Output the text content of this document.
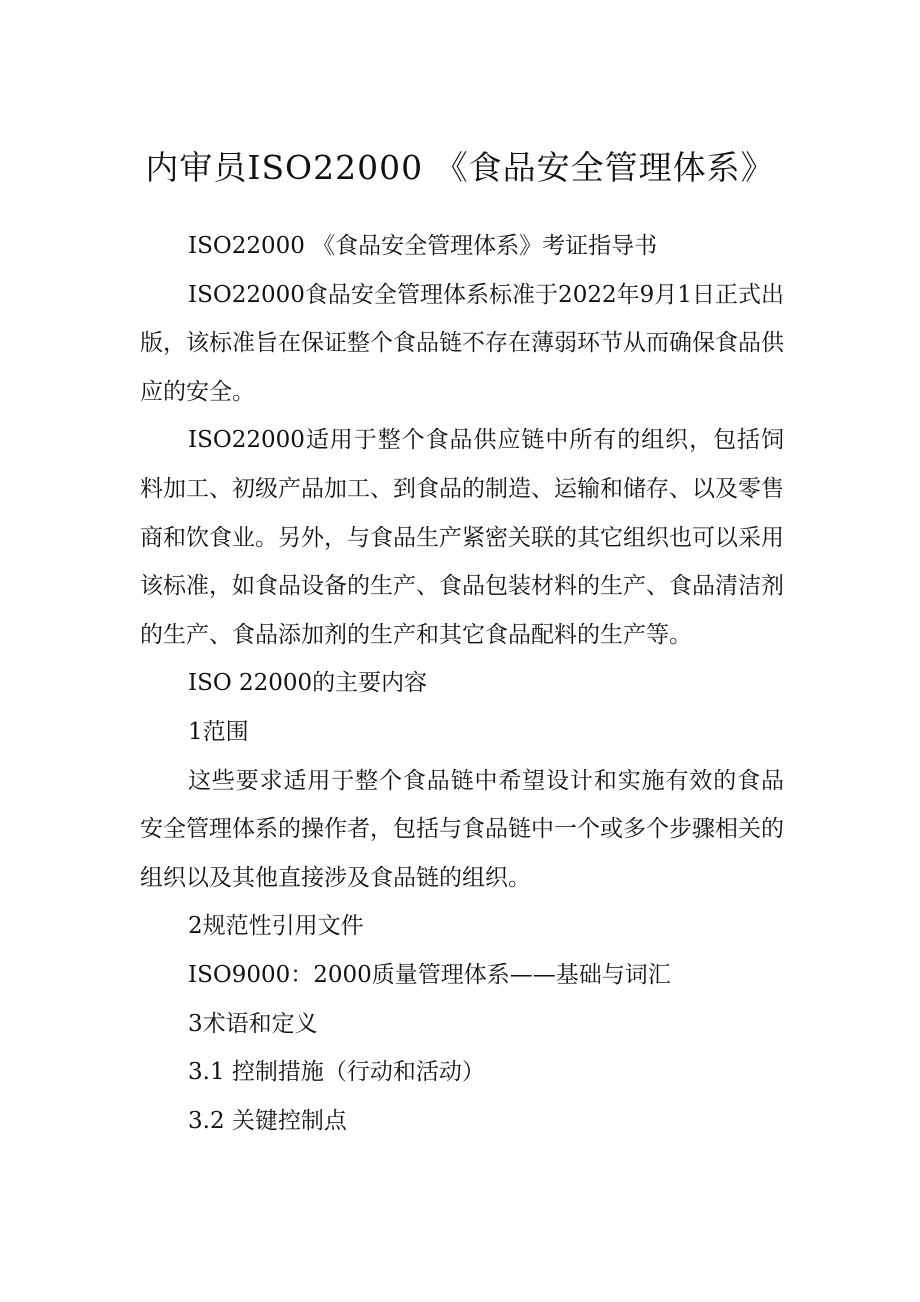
内审员ISO22000 《食品安全管理体系》

ISO22000 《食品安全管理体系》考证指导书

ISO22000食品安全管理体系标准于2022年9月1日正式出版，该标准旨在保证整个食品链不存在薄弱环节从而确保食品供应的安全。

ISO22000适用于整个食品供应链中所有的组织，包括饲料加工、初级产品加工、到食品的制造、运输和储存、以及零售商和饮食业。另外，与食品生产紧密关联的其它组织也可以采用该标准，如食品设备的生产、食品包装材料的生产、食品清洁剂的生产、食品添加剂的生产和其它食品配料的生产等。

ISO 22000的主要内容

1范围

这些要求适用于整个食品链中希望设计和实施有效的食品安全管理体系的操作者，包括与食品链中一个或多个步骤相关的组织以及其他直接涉及食品链的组织。

2规范性引用文件

ISO9000：2000质量管理体系——基础与词汇

3术语和定义

3.1 控制措施（行动和活动）

3.2 关键控制点
